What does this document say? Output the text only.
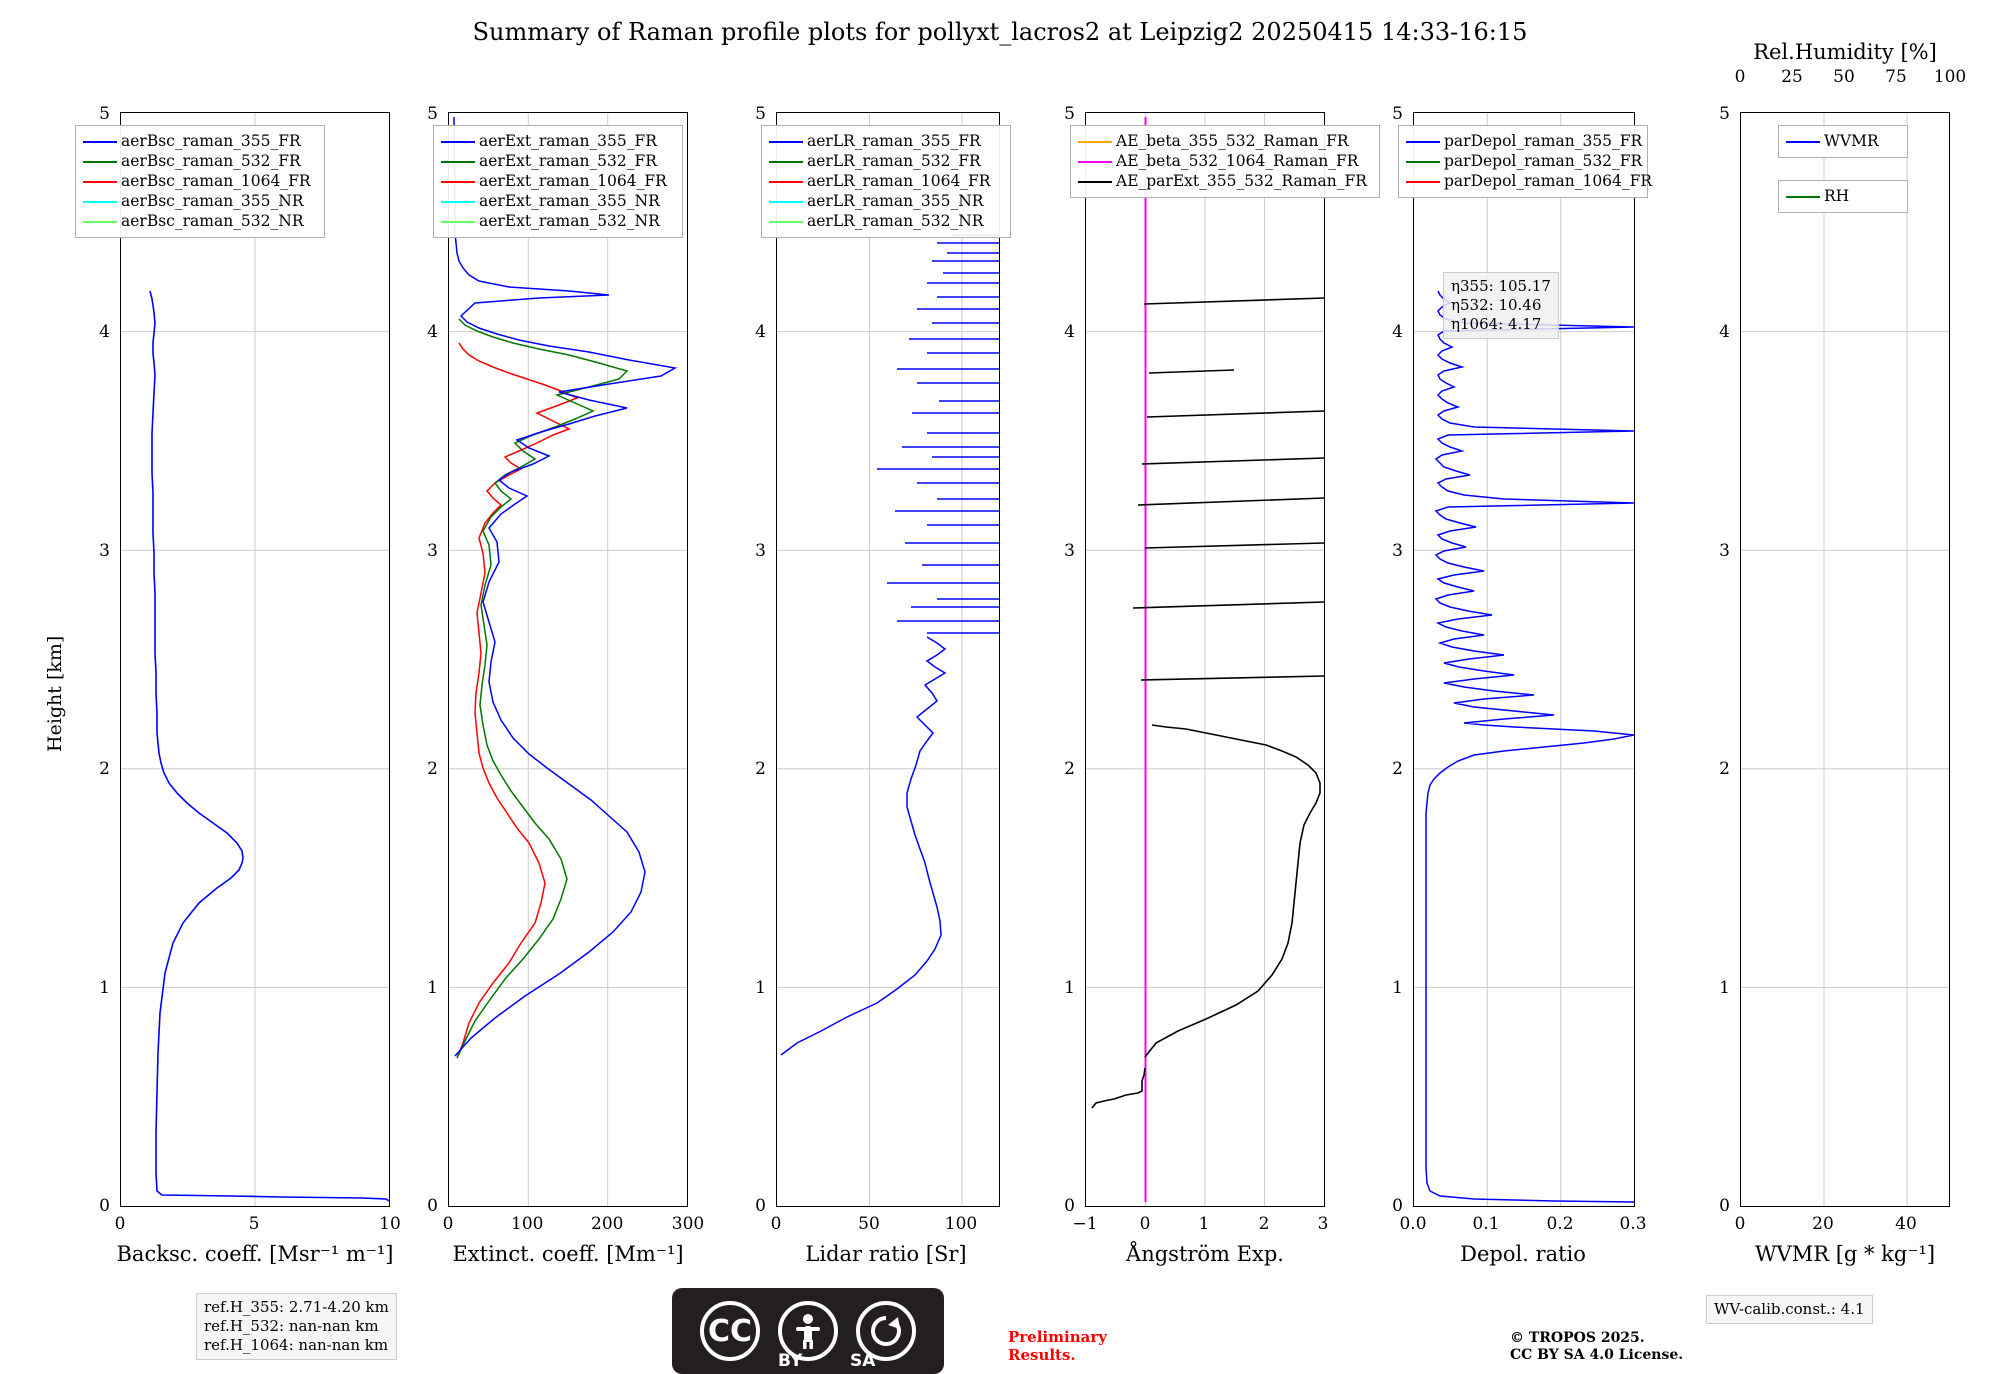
Summary of Raman profile plots for pollyxt_lacros2 at Leipzig2 20250415 14:33-16:15
0
1
2
3
4
5
Height [km]
0	5	10
Backsc. coeff. [Msr⁻¹ m⁻¹]
	aerBsc_raman_355_FR
	aerBsc_raman_532_FR
	aerBsc_raman_1064_FR
	aerBsc_raman_355_NR
	aerBsc_raman_532_NR
0
1
2
3
4
5
0	100	200	300
Extinct. coeff. [Mm⁻¹]
	aerExt_raman_355_FR
	aerExt_raman_532_FR
	aerExt_raman_1064_FR
	aerExt_raman_355_NR
	aerExt_raman_532_NR
0
1
2
3
4
5
0	50	100
Lidar ratio [Sr]
	aerLR_raman_355_FR
	aerLR_raman_532_FR
	aerLR_raman_1064_FR
	aerLR_raman_355_NR
	aerLR_raman_532_NR
0
1
2
3
4
5
−1	0	1	2	3
Ångström Exp.
	AE_beta_355_532_Raman_FR
	AE_beta_532_1064_Raman_FR
	AE_parExt_355_532_Raman_FR
0
1
2
3
4
5
0.0	0.1	0.2	0.3
Depol. ratio
	parDepol_raman_355_FR
	parDepol_raman_532_FR
	parDepol_raman_1064_FR
η355: 105.17
η532: 10.46
η1064: 4.17
0
1
2
3
4
5
0	20	40
WVMR [g * kg⁻¹]
Rel.Humidity [%]
0	25	50	75	100
	WVMR
	RH
ref.H_355: 2.71-4.20 km
ref.H_532: nan-nan km
ref.H_1064: nan-nan km	CC
BY	SA
Preliminary
Results.
© TROPOS 2025.
CC BY SA 4.0 License.
WV-calib.const.: 4.1
